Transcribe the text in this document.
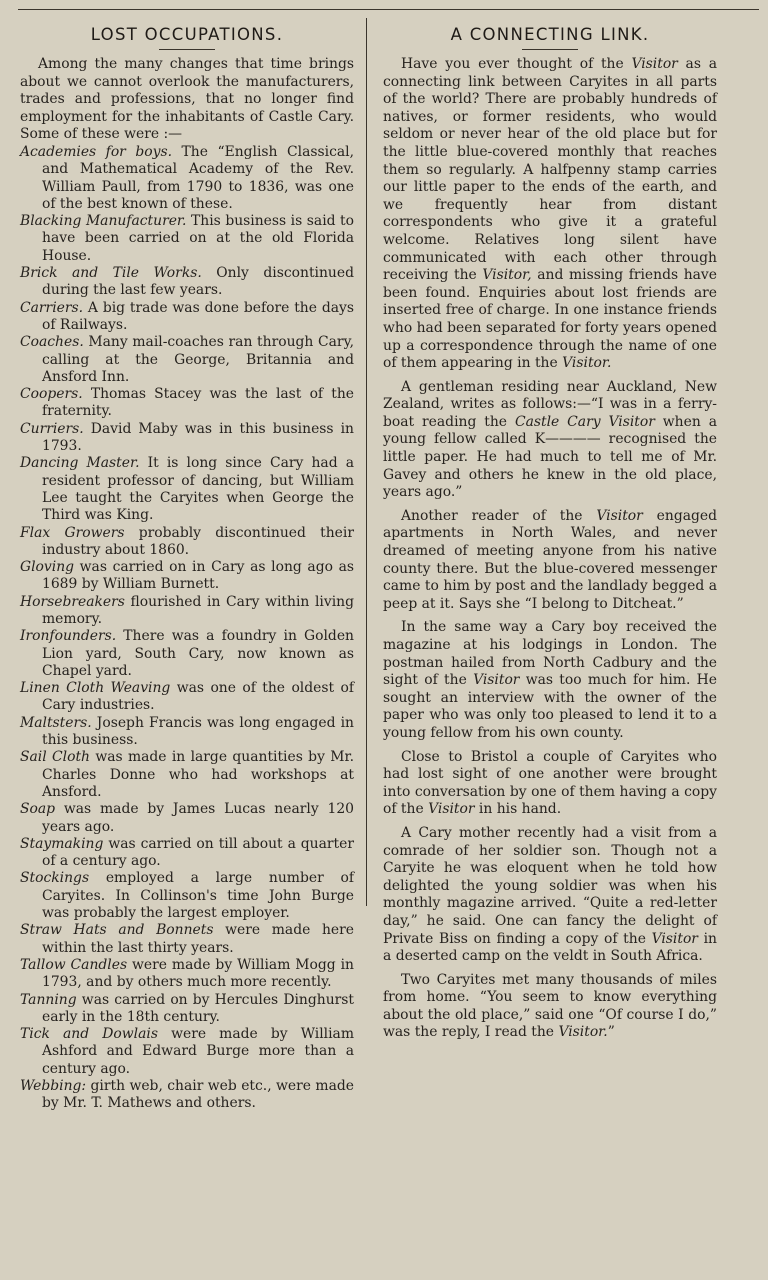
LOST OCCUPATIONS.

Among the many changes that time brings about we cannot overlook the manufacturers, trades and professions, that no longer find employment for the inhabitants of Castle Cary. Some of these were :—

Academies for boys. The “English Classical, and Mathematical Academy of the Rev. William Paull, from 1790 to 1836, was one of the best known of these.
Blacking Manufacturer. This business is said to have been carried on at the old Florida House.
Brick and Tile Works. Only discontinued during the last few years.
Carriers. A big trade was done before the days of Railways.
Coaches. Many mail-coaches ran through Cary, calling at the George, Britannia and Ansford Inn.
Coopers. Thomas Stacey was the last of the fraternity.
Curriers. David Maby was in this business in 1793.
Dancing Master. It is long since Cary had a resident professor of dancing, but William Lee taught the Caryites when George the Third was King.
Flax Growers probably discontinued their industry about 1860.
Gloving was carried on in Cary as long ago as 1689 by William Burnett.
Horsebreakers flourished in Cary within living memory.
Ironfounders. There was a foundry in Golden Lion yard, South Cary, now known as Chapel yard.
Linen Cloth Weaving was one of the oldest of Cary industries.
Maltsters. Joseph Francis was long engaged in this business.
Sail Cloth was made in large quantities by Mr. Charles Donne who had workshops at Ansford.
Soap was made by James Lucas nearly 120 years ago.
Staymaking was carried on till about a quarter of a century ago.
Stockings employed a large number of Caryites. In Collinson's time John Burge was probably the largest employer.
Straw Hats and Bonnets were made here within the last thirty years.
Tallow Candles were made by William Mogg in 1793, and by others much more recently.
Tanning was carried on by Hercules Dinghurst early in the 18th century.
Tick and Dowlais were made by William Ashford and Edward Burge more than a century ago.
Webbing: girth web, chair web etc., were made by Mr. T. Mathews and others.
A CONNECTING LINK.

Have you ever thought of the Visitor as a connecting link between Caryites in all parts of the world? There are probably hundreds of natives, or former residents, who would seldom or never hear of the old place but for the little blue-covered monthly that reaches them so regularly. A halfpenny stamp carries our little paper to the ends of the earth, and we frequently hear from distant correspondents who give it a grateful welcome. Relatives long silent have communicated with each other through receiving the Visitor, and missing friends have been found. Enquiries about lost friends are inserted free of charge. In one instance friends who had been separated for forty years opened up a correspondence through the name of one of them appearing in the Visitor.

A gentleman residing near Auckland, New Zealand, writes as follows:—“I was in a ferry-boat reading the Castle Cary Visitor when a young fellow called K———— recognised the little paper. He had much to tell me of Mr. Gavey and others he knew in the old place, years ago.”

Another reader of the Visitor engaged apartments in North Wales, and never dreamed of meeting anyone from his native county there. But the blue-covered messenger came to him by post and the landlady begged a peep at it. Says she “I belong to Ditcheat.”

In the same way a Cary boy received the magazine at his lodgings in London. The postman hailed from North Cadbury and the sight of the Visitor was too much for him. He sought an interview with the owner of the paper who was only too pleased to lend it to a young fellow from his own county.

Close to Bristol a couple of Caryites who had lost sight of one another were brought into conversation by one of them having a copy of the Visitor in his hand.

A Cary mother recently had a visit from a comrade of her soldier son. Though not a Caryite he was eloquent when he told how delighted the young soldier was when his monthly magazine arrived. “Quite a red-letter day,” he said. One can fancy the delight of Private Biss on finding a copy of the Visitor in a deserted camp on the veldt in South Africa.

Two Caryites met many thousands of miles from home. “You seem to know everything about the old place,” said one “Of course I do,” was the reply, I read the Visitor.”
